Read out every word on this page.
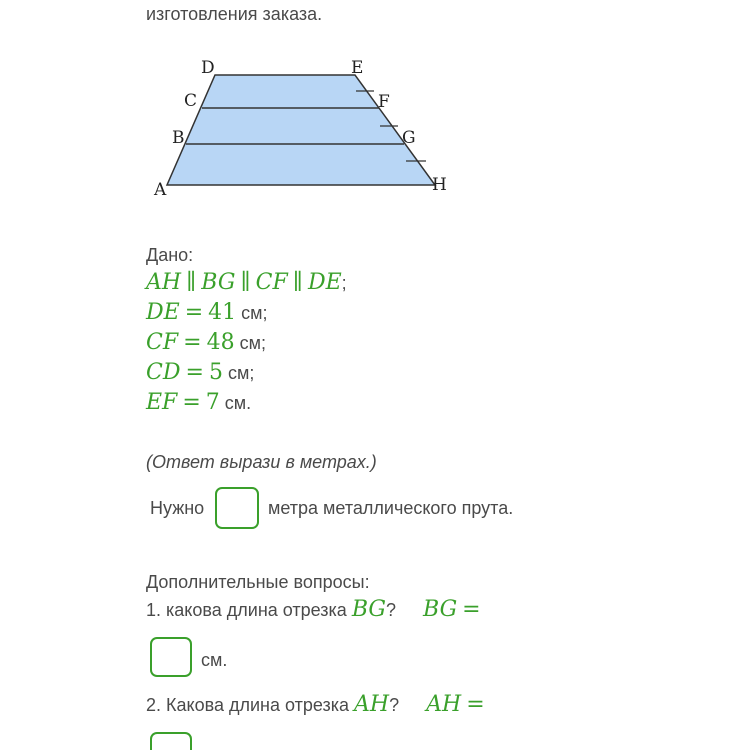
изготовления заказа.
D	E
C	F
B	G
A	H
Дано:
AH ∥ BG ∥ CF ∥ DE;
DE = 41 см;
CF = 48 см;
CD = 5 см;
EF = 7 см.
(Ответ вырази в метрах.)
Нужно	метра металлического прута.
Дополнительные вопросы:
1. какова длина отрезка BG? BG =
см.
2. Какова длина отрезка AH? AH =
